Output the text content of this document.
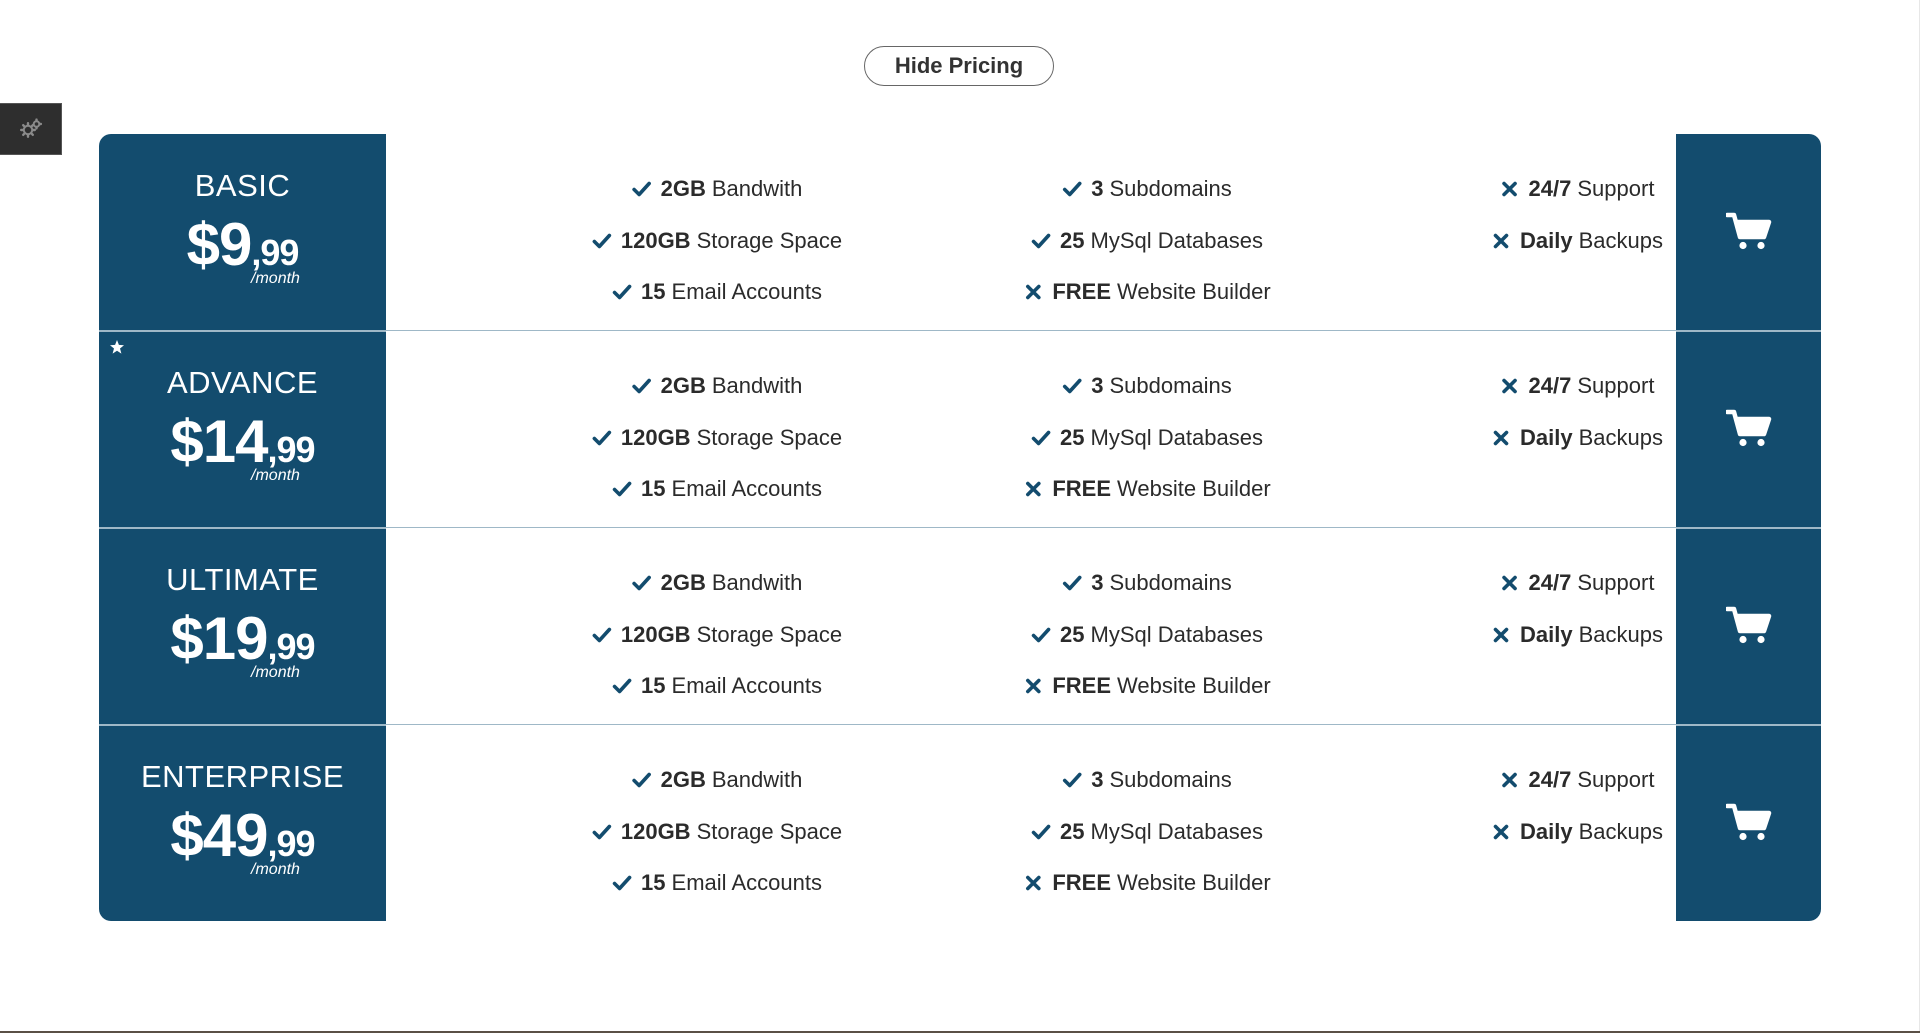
Hide Pricing
BASIC
$9,99
/month
2GB Bandwith
120GB Storage Space
15 Email Accounts
3 Subdomains
25 MySql Databases
FREE Website Builder
24/7 Support
Daily Backups
ADVANCE
$14,99
/month
2GB Bandwith
120GB Storage Space
15 Email Accounts
3 Subdomains
25 MySql Databases
FREE Website Builder
24/7 Support
Daily Backups
ULTIMATE
$19,99
/month
2GB Bandwith
120GB Storage Space
15 Email Accounts
3 Subdomains
25 MySql Databases
FREE Website Builder
24/7 Support
Daily Backups
ENTERPRISE
$49,99
/month
2GB Bandwith
120GB Storage Space
15 Email Accounts
3 Subdomains
25 MySql Databases
FREE Website Builder
24/7 Support
Daily Backups
